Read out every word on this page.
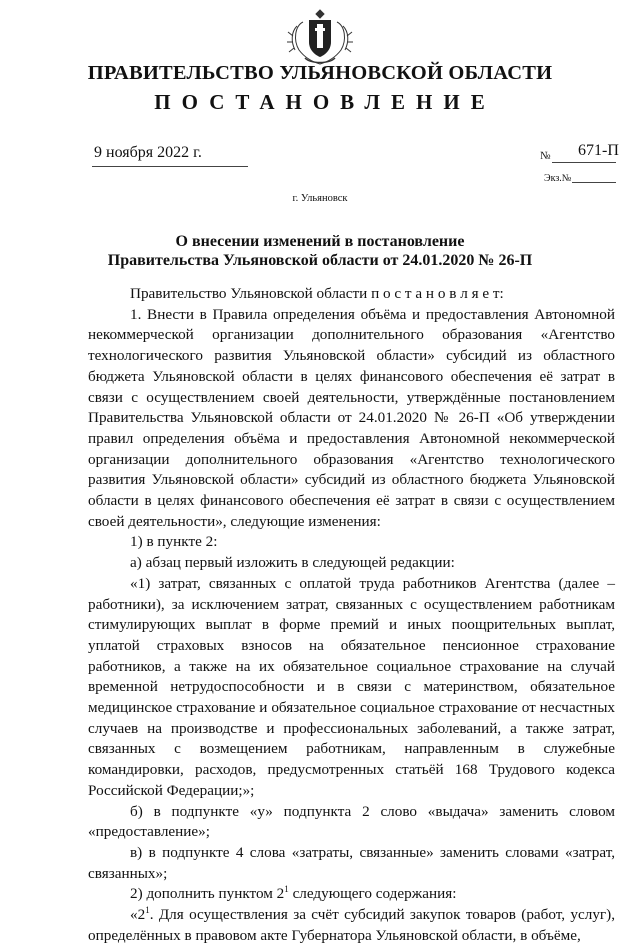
ПРАВИТЕЛЬСТВО УЛЬЯНОВСКОЙ ОБЛАСТИ
ПОСТАНОВЛЕНИЕ
9 ноября 2022 г.	№ 671-П
Экз.№
г. Ульяновск
О внесении изменений в постановление
Правительства Ульяновской области от 24.01.2020 № 26-П

Правительство Ульяновской области п о с т а н о в л я е т:

1. Внести в Правила определения объёма и предоставления Автономной некоммерческой организации дополнительного образования «Агентство технологического развития Ульяновской области» субсидий из областного бюджета Ульяновской области в целях финансового обеспечения её затрат в связи с осуществлением своей деятельности, утверждённые постановлением Правительства Ульяновской области от 24.01.2020 № 26-П «Об утверждении правил определения объёма и предоставления Автономной некоммерческой организации дополнительного образования «Агентство технологического развития Ульяновской области» субсидий из областного бюджета Ульяновской области в целях финансового обеспечения её затрат в связи с осуществлением своей деятельности», следующие изменения:

1) в пункте 2:

а) абзац первый изложить в следующей редакции:

«1) затрат, связанных с оплатой труда работников Агентства (далее – работники), за исключением затрат, связанных с осуществлением работникам стимулирующих выплат в форме премий и иных поощрительных выплат, уплатой страховых взносов на обязательное пенсионное страхование работников, а также на их обязательное социальное страхование на случай временной нетрудоспособности и в связи с материнством, обязательное медицинское страхование и обязательное социальное страхование от несчастных случаев на производстве и профессиональных заболеваний, а также затрат, связанных с возмещением работникам, направленным в служебные командировки, расходов, предусмотренных статьёй 168 Трудового кодекса Российской Федерации;»;

б) в подпункте «у» подпункта 2 слово «выдача» заменить словом «предоставление»;

в) в подпункте 4 слова «затраты, связанные» заменить словами «затрат, связанных»;

2) дополнить пунктом $2^1$ следующего содержания:

«$2^1$. Для осуществления за счёт субсидий закупок товаров (работ, услуг), определённых в правовом акте Губернатора Ульяновской области, в объёме,
